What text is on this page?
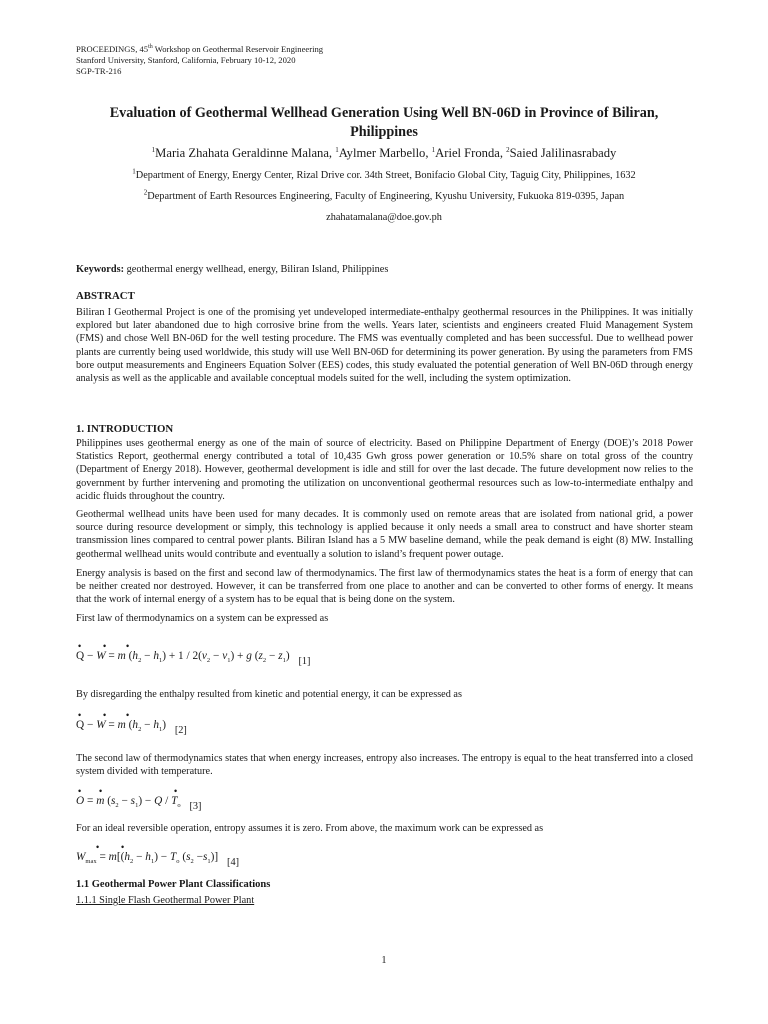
PROCEEDINGS, 45th Workshop on Geothermal Reservoir Engineering
Stanford University, Stanford, California, February 10-12, 2020
SGP-TR-216
Evaluation of Geothermal Wellhead Generation Using Well BN-06D in Province of Biliran, Philippines
$^1$Maria Zhahata Geraldinne Malana, $^1$Aylmer Marbello, $^1$Ariel Fronda, $^2$Saied Jalilinasrabady
$^1$Department of Energy, Energy Center, Rizal Drive cor. 34th Street, Bonifacio Global City, Taguig City, Philippines, 1632
$^2$Department of Earth Resources Engineering, Faculty of Engineering, Kyushu University, Fukuoka 819-0395, Japan
zhahatamalana@doe.gov.ph
Keywords: geothermal energy wellhead, energy, Biliran Island, Philippines
ABSTRACT
Biliran I Geothermal Project is one of the promising yet undeveloped intermediate-enthalpy geothermal resources in the Philippines. It was initially explored but later abandoned due to high corrosive brine from the wells. Years later, scientists and engineers created Fluid Management System (FMS) and chose Well BN-06D for the well testing procedure. The FMS was eventually completed and has been successful. Due to wellhead power plants are currently being used worldwide, this study will use Well BN-06D for determining its power generation. By using the parameters from FMS bore output measurements and Engineers Equation Solver (EES) codes, this study evaluated the potential generation of Well BN-06D through energy analysis as well as the applicable and available conceptual models suited for the well, including the system optimization.
1. INTRODUCTION
Philippines uses geothermal energy as one of the main of source of electricity. Based on Philippine Department of Energy (DOE)’s 2018 Power Statistics Report, geothermal energy contributed a total of 10,435 Gwh gross power generation or 10.5% share on total gross of the country (Department of Energy 2018). However, geothermal development is idle and still for over the last decade. The future development now relies to the government by further intervening and promoting the utilization on unconventional geothermal resources such as low-to-intermediate enthalpy and acidic fluids throughout the country.
Geothermal wellhead units have been used for many decades. It is commonly used on remote areas that are isolated from national grid, a power source during resource development or simply, this technology is applied because it only needs a small area to construct and have shorter steam transmission lines compared to central power plants. Biliran Island has a 5 MW baseline demand, while the peak demand is eight (8) MW. Installing geothermal wellhead units would contribute and eventually a solution to island’s frequent power outage.
Energy analysis is based on the first and second law of thermodynamics. The first law of thermodynamics states the heat is a form of energy that can be neither created nor destroyed. However, it can be transferred from one place to another and can be converted to other forms of energy. It means that the work of internal energy of a system has to be equal that is being done on the system.
First law of thermodynamics on a system can be expressed as
• • •
Q − W = m $(h_2 - h_1) + 1 / 2(v_2 - v_1) + g$ $(z_2 - z_1)$ [1]
By disregarding the enthalpy resulted from kinetic and potential energy, it can be expressed as
• • •
Q − W = m $(h_2 - h_1)$ [2]
The second law of thermodynamics states that when energy increases, entropy also increases. The entropy is equal to the heat transferred into a closed system divided with temperature.
• •	•
O = m $(s_2 - s_1) - Q / T_o$ [3]
For an ideal reversible operation, entropy assumes it is zero. From above, the maximum work can be expressed as
• •
$W_{max} = m[(h_2 - h_1) - T_o$ $(s_2 -s_1)$] [4]
1.1 Geothermal Power Plant Classifications
1.1.1 Single Flash Geothermal Power Plant
1
